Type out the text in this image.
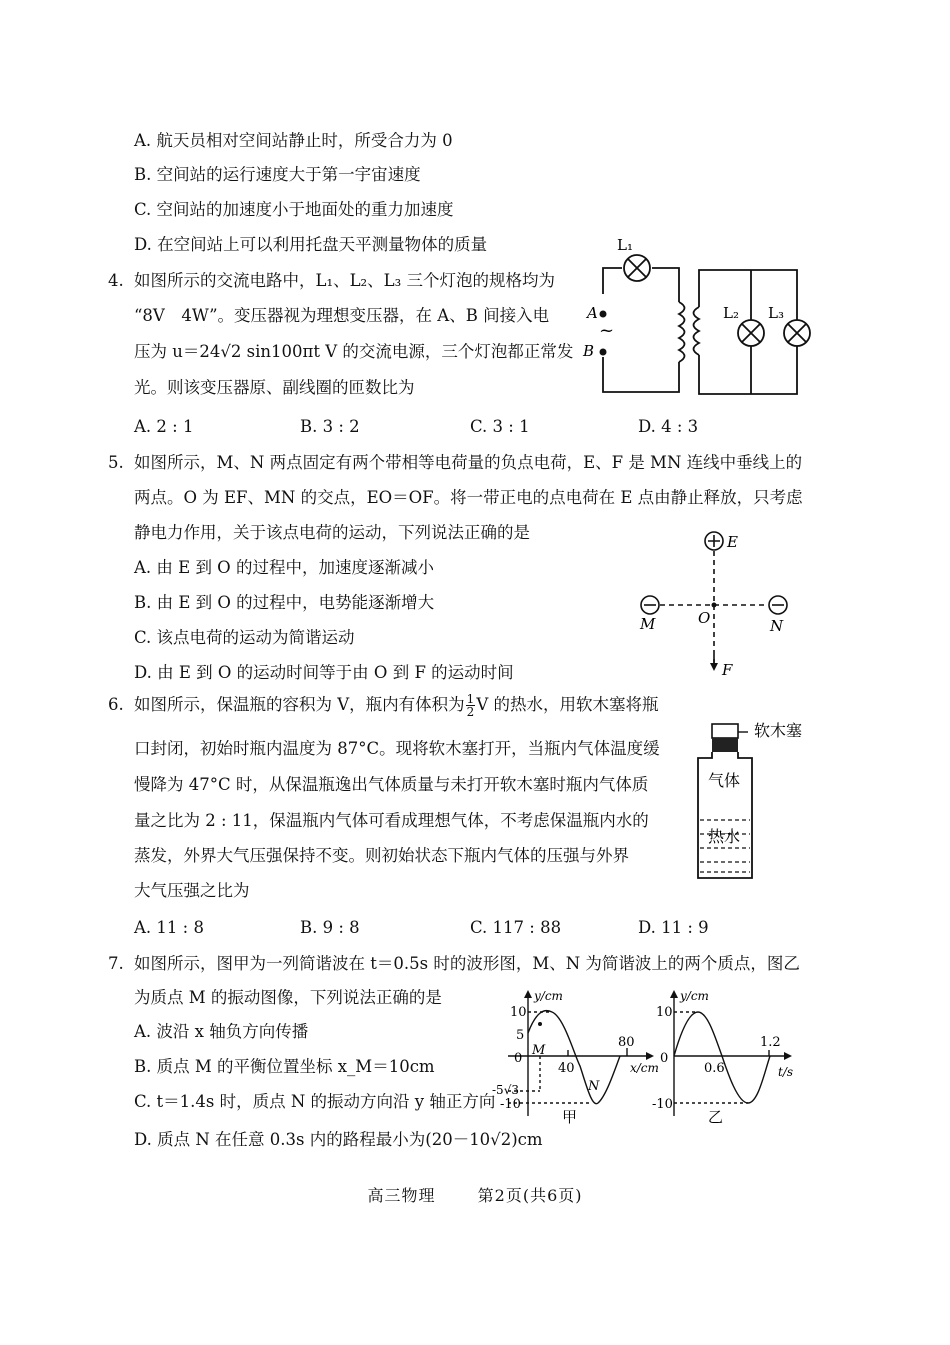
A. 航天员相对空间站静止时，所受合力为 0
B. 空间站的运行速度大于第一宇宙速度
C. 空间站的加速度小于地面处的重力加速度
D. 在空间站上可以利用托盘天平测量物体的质量
4. 如图所示的交流电路中，L₁、L₂、L₃ 三个灯泡的规格均为
“8V　4W”。变压器视为理想变压器，在 A、B 间接入电
压为 u＝24√2 sin100πt V 的交流电源，三个灯泡都正常发
光。则该变压器原、副线圈的匝数比为
A. 2 : 1	B. 3 : 2	C. 3 : 1	D. 4 : 3
L₁
A
~
B
L₂ L₃
5. 如图所示，M、N 两点固定有两个带相等电荷量的负点电荷，E、F 是 MN 连线中垂线上的
两点。O 为 EF、MN 的交点，EO＝OF。将一带正电的点电荷在 E 点由静止释放，只考虑
静电力作用，关于该点电荷的运动，下列说法正确的是
A. 由 E 到 O 的过程中，加速度逐渐减小
B. 由 E 到 O 的过程中，电势能逐渐增大
C. 该点电荷的运动为简谐运动
D. 由 E 到 O 的运动时间等于由 O 到 F 的运动时间
E
M	O	N
F
6. 如图所示，保温瓶的容积为 V，瓶内有体积为 $\frac{1}{2}$ V 的热水，用软木塞将瓶
口封闭，初始时瓶内温度为 87°C。现将软木塞打开，当瓶内气体温度缓
慢降为 47°C 时，从保温瓶逸出气体质量与未打开软木塞时瓶内气体质
量之比为 2 : 11，保温瓶内气体可看成理想气体，不考虑保温瓶内水的
蒸发，外界大气压强保持不变。则初始状态下瓶内气体的压强与外界
大气压强之比为
A. 11 : 8	B. 9 : 8	C. 117 : 88	D. 11 : 9
软木塞
气体
热水
7. 如图所示，图甲为一列简谐波在 t＝0.5s 时的波形图，M、N 为简谐波上的两个质点，图乙
为质点 M 的振动图像，下列说法正确的是
A. 波沿 x 轴负方向传播
B. 质点 M 的平衡位置坐标 x_M＝10cm
C. t＝1.4s 时，质点 N 的振动方向沿 y 轴正方向
D. 质点 N 在任意 0.3s 内的路程最小为(20－10√2)cm
y/cm
x/cm
10
5
0
-5√3
-10
40
80
M
N
甲
y/cm
t/s
10
0
-10
0.6
1.2
乙
高三物理	第2页(共6页)
